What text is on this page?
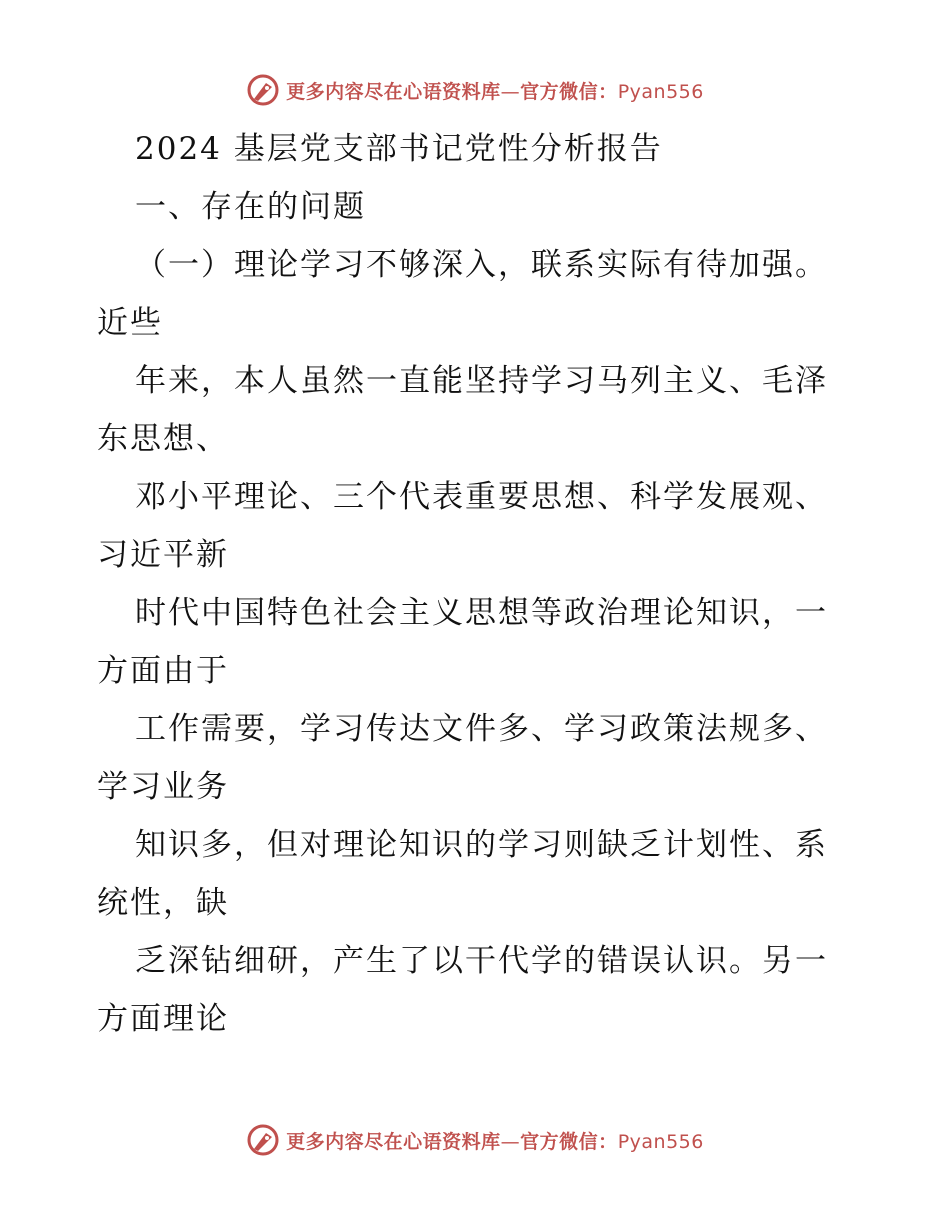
更多内容尽在心语资料库—官方微信：Pyan556
2024 基层党支部书记党性分析报告
一、存在的问题
（一）理论学习不够深入，联系实际有待加强。
近些
年来，本人虽然一直能坚持学习马列主义、毛泽
东思想、
邓小平理论、三个代表重要思想、科学发展观、
习近平新
时代中国特色社会主义思想等政治理论知识，一
方面由于
工作需要，学习传达文件多、学习政策法规多、
学习业务
知识多，但对理论知识的学习则缺乏计划性、系
统性，缺
乏深钻细研，产生了以干代学的错误认识。另一
方面理论
更多内容尽在心语资料库—官方微信：Pyan556
